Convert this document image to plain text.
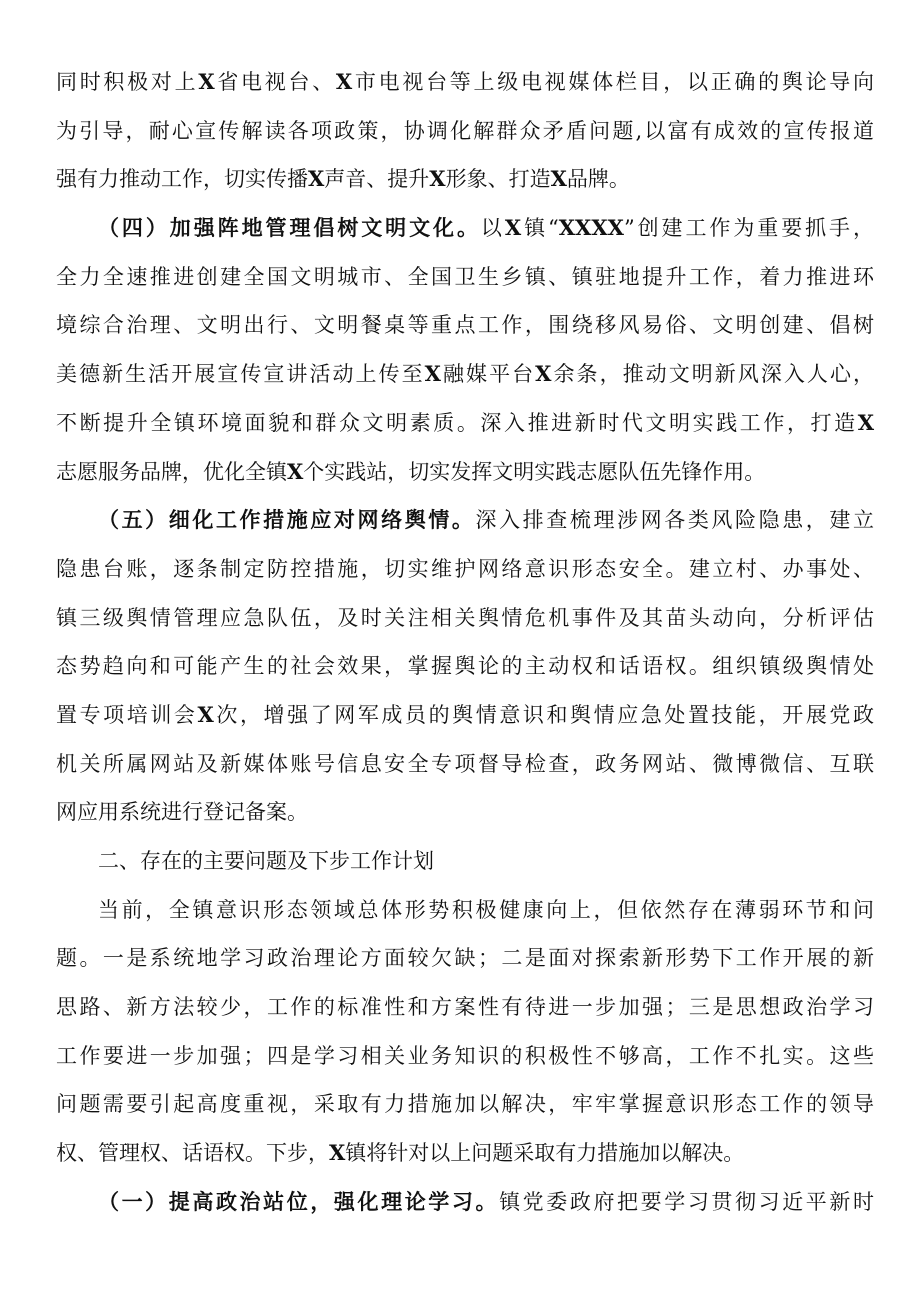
同时积极对上X省电视台、X市电视台等上级电视媒体栏目，以正确的舆论导向
为引导，耐心宣传解读各项政策，协调化解群众矛盾问题,以富有成效的宣传报道
强有力推动工作，切实传播X声音、提升X形象、打造X品牌。
（四）加强阵地管理倡树文明文化。以X镇“XXXX”创建工作为重要抓手，
全力全速推进创建全国文明城市、全国卫生乡镇、镇驻地提升工作，着力推进环
境综合治理、文明出行、文明餐桌等重点工作，围绕移风易俗、文明创建、倡树
美德新生活开展宣传宣讲活动上传至X融媒平台X余条，推动文明新风深入人心，
不断提升全镇环境面貌和群众文明素质。深入推进新时代文明实践工作，打造X
志愿服务品牌，优化全镇X个实践站，切实发挥文明实践志愿队伍先锋作用。
（五）细化工作措施应对网络舆情。深入排查梳理涉网各类风险隐患，建立
隐患台账，逐条制定防控措施，切实维护网络意识形态安全。建立村、办事处、
镇三级舆情管理应急队伍，及时关注相关舆情危机事件及其苗头动向，分析评估
态势趋向和可能产生的社会效果，掌握舆论的主动权和话语权。组织镇级舆情处
置专项培训会X次，增强了网军成员的舆情意识和舆情应急处置技能，开展党政
机关所属网站及新媒体账号信息安全专项督导检查，政务网站、微博微信、互联
网应用系统进行登记备案。
二、存在的主要问题及下步工作计划
当前，全镇意识形态领域总体形势积极健康向上，但依然存在薄弱环节和问
题。一是系统地学习政治理论方面较欠缺；二是面对探索新形势下工作开展的新
思路、新方法较少，工作的标准性和方案性有待进一步加强；三是思想政治学习
工作要进一步加强；四是学习相关业务知识的积极性不够高，工作不扎实。这些
问题需要引起高度重视，采取有力措施加以解决，牢牢掌握意识形态工作的领导
权、管理权、话语权。下步，X镇将针对以上问题采取有力措施加以解决。
（一）提高政治站位，强化理论学习。镇党委政府把要学习贯彻习近平新时
